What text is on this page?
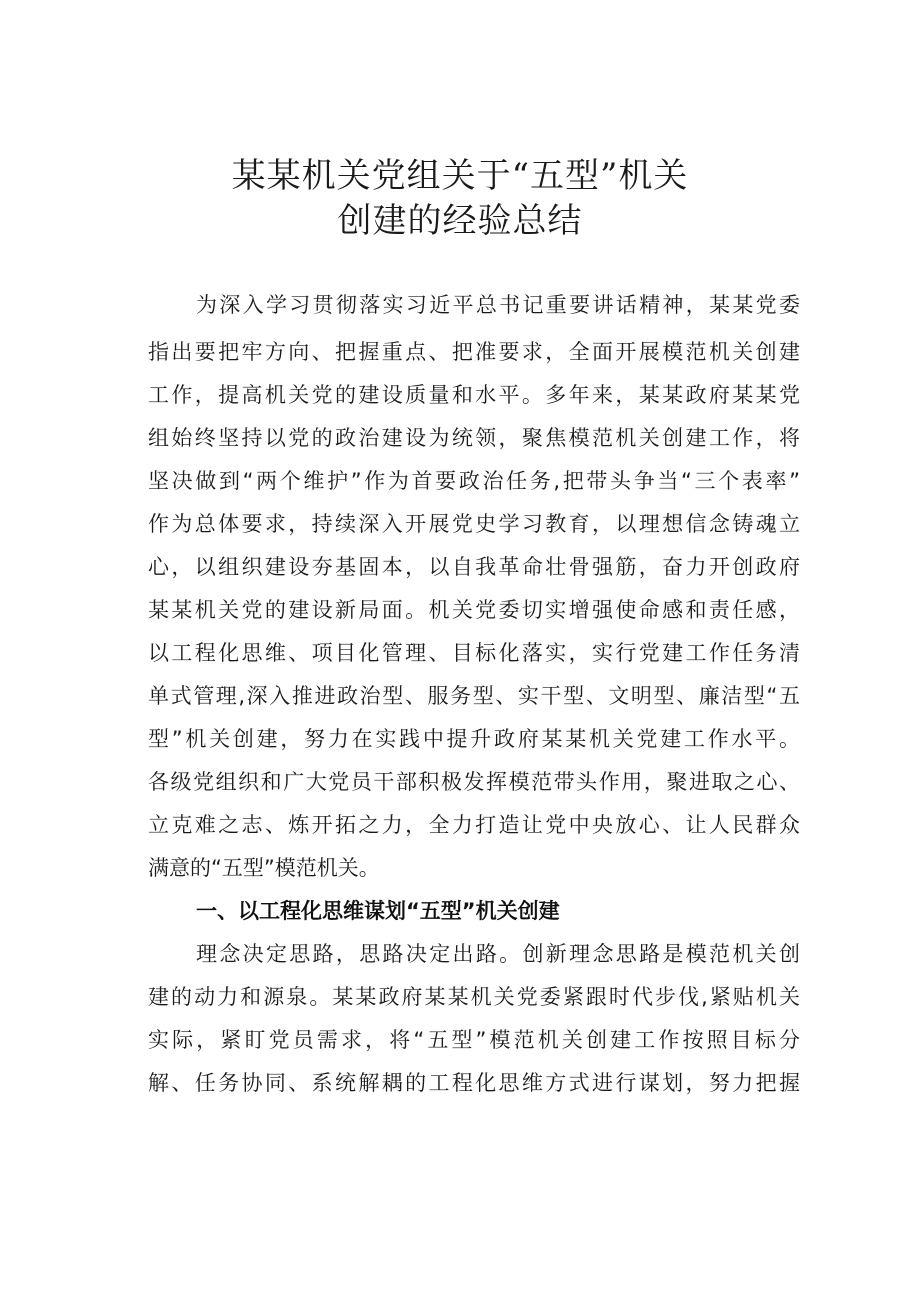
某某机关党组关于“五型”机关
创建的经验总结
为深入学习贯彻落实习近平总书记重要讲话精神，某某党委
指出要把牢方向、把握重点、把准要求，全面开展模范机关创建
工作，提高机关党的建设质量和水平。多年来，某某政府某某党
组始终坚持以党的政治建设为统领，聚焦模范机关创建工作，将
坚决做到“两个维护”作为首要政治任务,把带头争当“三个表率”
作为总体要求，持续深入开展党史学习教育，以理想信念铸魂立
心，以组织建设夯基固本，以自我革命壮骨强筋，奋力开创政府
某某机关党的建设新局面。机关党委切实增强使命感和责任感，
以工程化思维、项目化管理、目标化落实，实行党建工作任务清
单式管理,深入推进政治型、服务型、实干型、文明型、廉洁型“五
型”机关创建，努力在实践中提升政府某某机关党建工作水平。
各级党组织和广大党员干部积极发挥模范带头作用，聚进取之心、
立克难之志、炼开拓之力，全力打造让党中央放心、让人民群众
满意的“五型”模范机关。
一、以工程化思维谋划“五型”机关创建
理念决定思路，思路决定出路。创新理念思路是模范机关创
建的动力和源泉。某某政府某某机关党委紧跟时代步伐,紧贴机关
实际，紧盯党员需求，将“五型”模范机关创建工作按照目标分
解、任务协同、系统解耦的工程化思维方式进行谋划，努力把握
